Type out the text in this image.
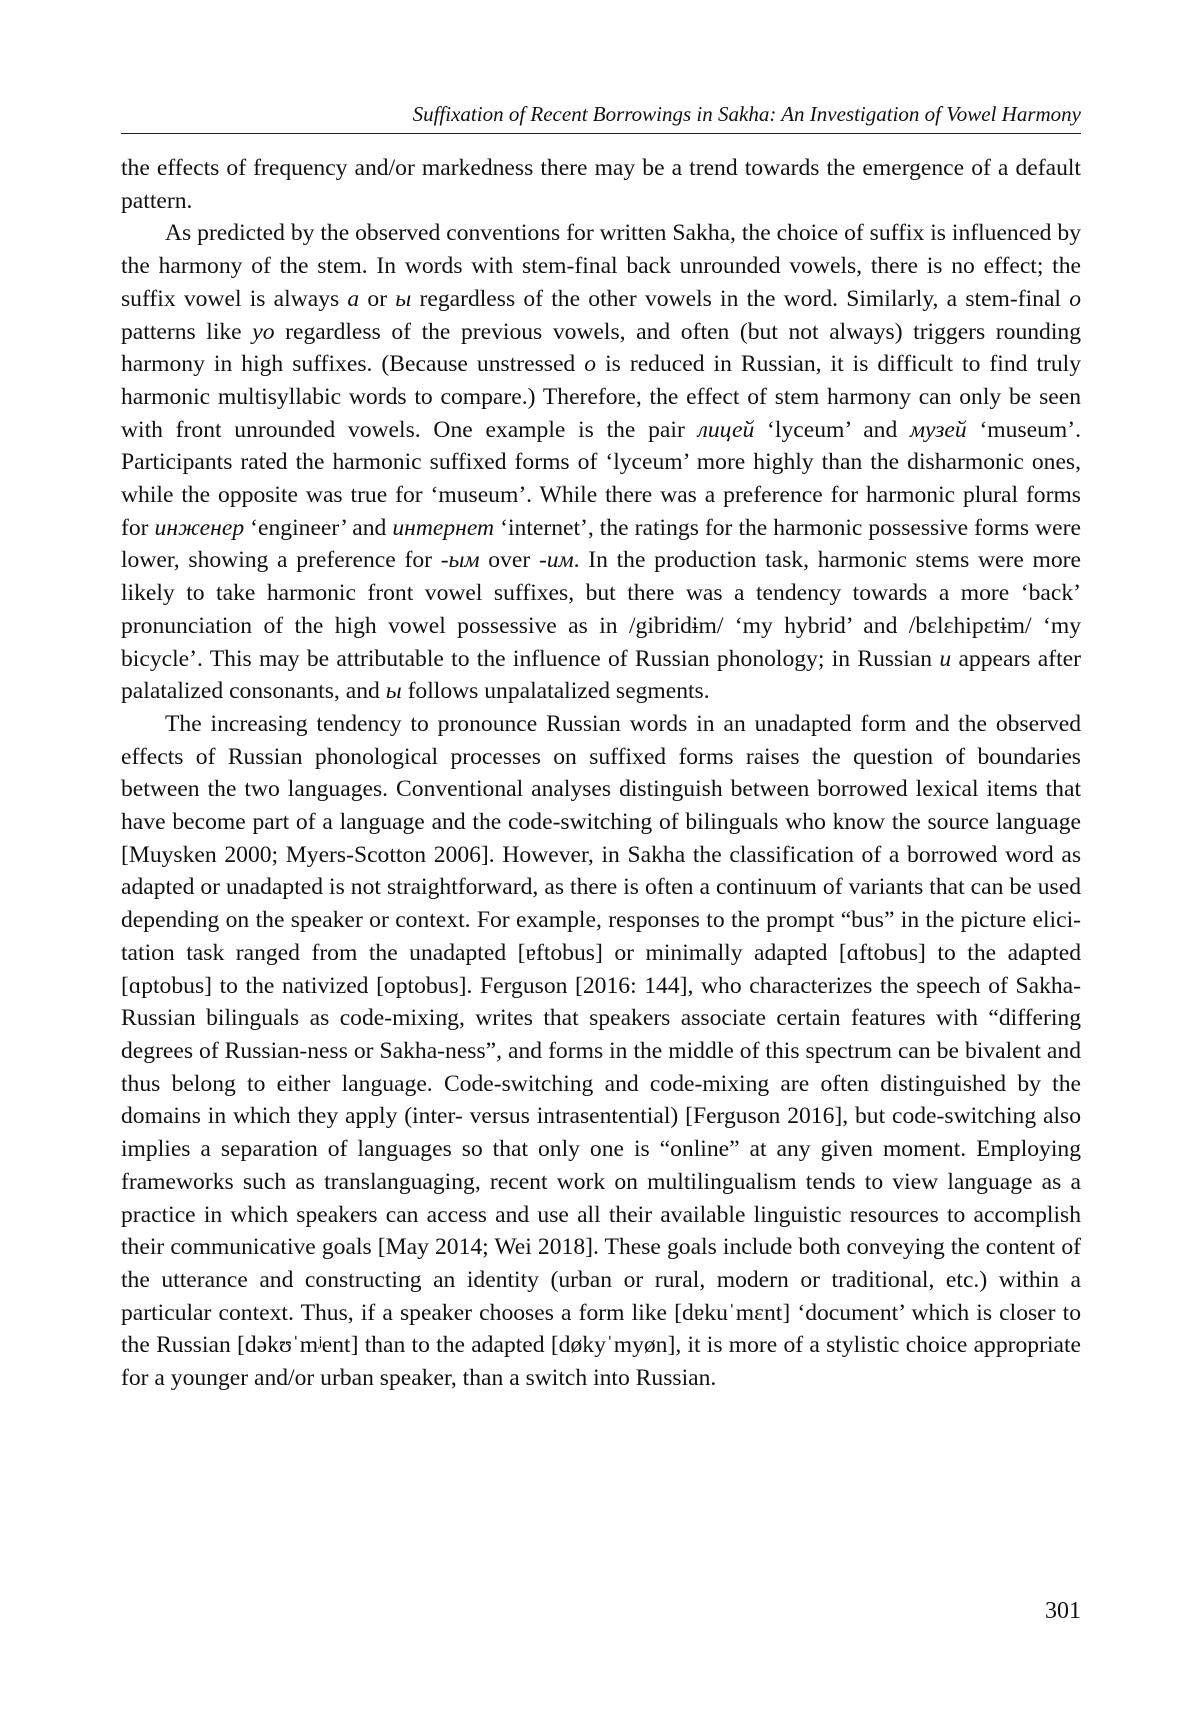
Suffixation of Recent Borrowings in Sakha: An Investigation of Vowel Harmony

the effects of frequency and/or markedness there may be a trend towards the emergence of a default pattern.

As predicted by the observed conventions for written Sakha, the choice of suffix is influenced by the harmony of the stem. In words with stem-final back unrounded vowels, there is no effect; the suffix vowel is always а or ы regardless of the other vowels in the word. Similarly, a stem-final о patterns like уо regardless of the previous vowels, and often (but not always) triggers rounding harmony in high suffixes. (Because unstressed о is reduced in Russian, it is difficult to find truly harmonic multisyllabic words to compare.) Therefore, the effect of stem harmony can only be seen with front unrounded vowels. One example is the pair лицей ‘lyceum’ and музей ‘museum’. Participants rated the harmonic suffixed forms of ‘lyceum’ more highly than the disharmonic ones, while the opposite was true for ‘museum’. While there was a preference for harmonic plural forms for инженер ‘engineer’ and интернет ‘internet’, the ratings for the harmonic possessive forms were lower, showing a preference for -ым over -им. In the production task, harmonic stems were more likely to take harmonic front vowel suffixes, but there was a tendency towards a more ‘back’ pronunciation of the high vowel possessive as in /gibridɨm/ ‘my hybrid’ and /bɛlɛhipɛtɨm/ ‘my bicycle’. This may be attributable to the influence of Russian phonology; in Russian и appears after palatalized consonants, and ы follows unpalatalized segments.

The increasing tendency to pronounce Russian words in an unadapted form and the observed effects of Russian phonological processes on suffixed forms raises the question of boundaries between the two languages. Conventional analyses distinguish between borrowed lexical items that have become part of a language and the code-switching of bilinguals who know the source language [Muysken 2000; Myers-Scotton 2006]. However, in Sakha the classification of a borrowed word as adapted or unadapted is not straightforward, as there is often a continuum of variants that can be used depending on the speaker or context. For example, responses to the prompt “bus” in the picture elicitation task ranged from the unadapted [ɐftobus] or minimally adapted [ɑftobus] to the adapted [ɑptobus] to the nativized [optobus]. Ferguson [2016: 144], who characterizes the speech of Sakha-Russian bilinguals as code-mixing, writes that speakers associate certain features with “differing degrees of Russian-ness or Sakha-ness”, and forms in the middle of this spectrum can be bivalent and thus belong to either language. Code-switching and code-mixing are often distinguished by the domains in which they apply (inter- versus intrasentential) [Ferguson 2016], but code-switching also implies a separation of languages so that only one is “online” at any given moment. Employing frameworks such as translanguaging, recent work on multilingualism tends to view language as a practice in which speakers can access and use all their available linguistic resources to accomplish their communicative goals [May 2014; Wei 2018]. These goals include both conveying the content of the utterance and constructing an identity (urban or rural, modern or traditional, etc.) within a particular context. Thus, if a speaker chooses a form like [dɐkuˈmɛnt] ‘document’ which is closer to the Russian [dəkʊˈmʲent] than to the adapted [døkyˈmyøn], it is more of a stylistic choice appropriate for a younger and/or urban speaker, than a switch into Russian.

301
